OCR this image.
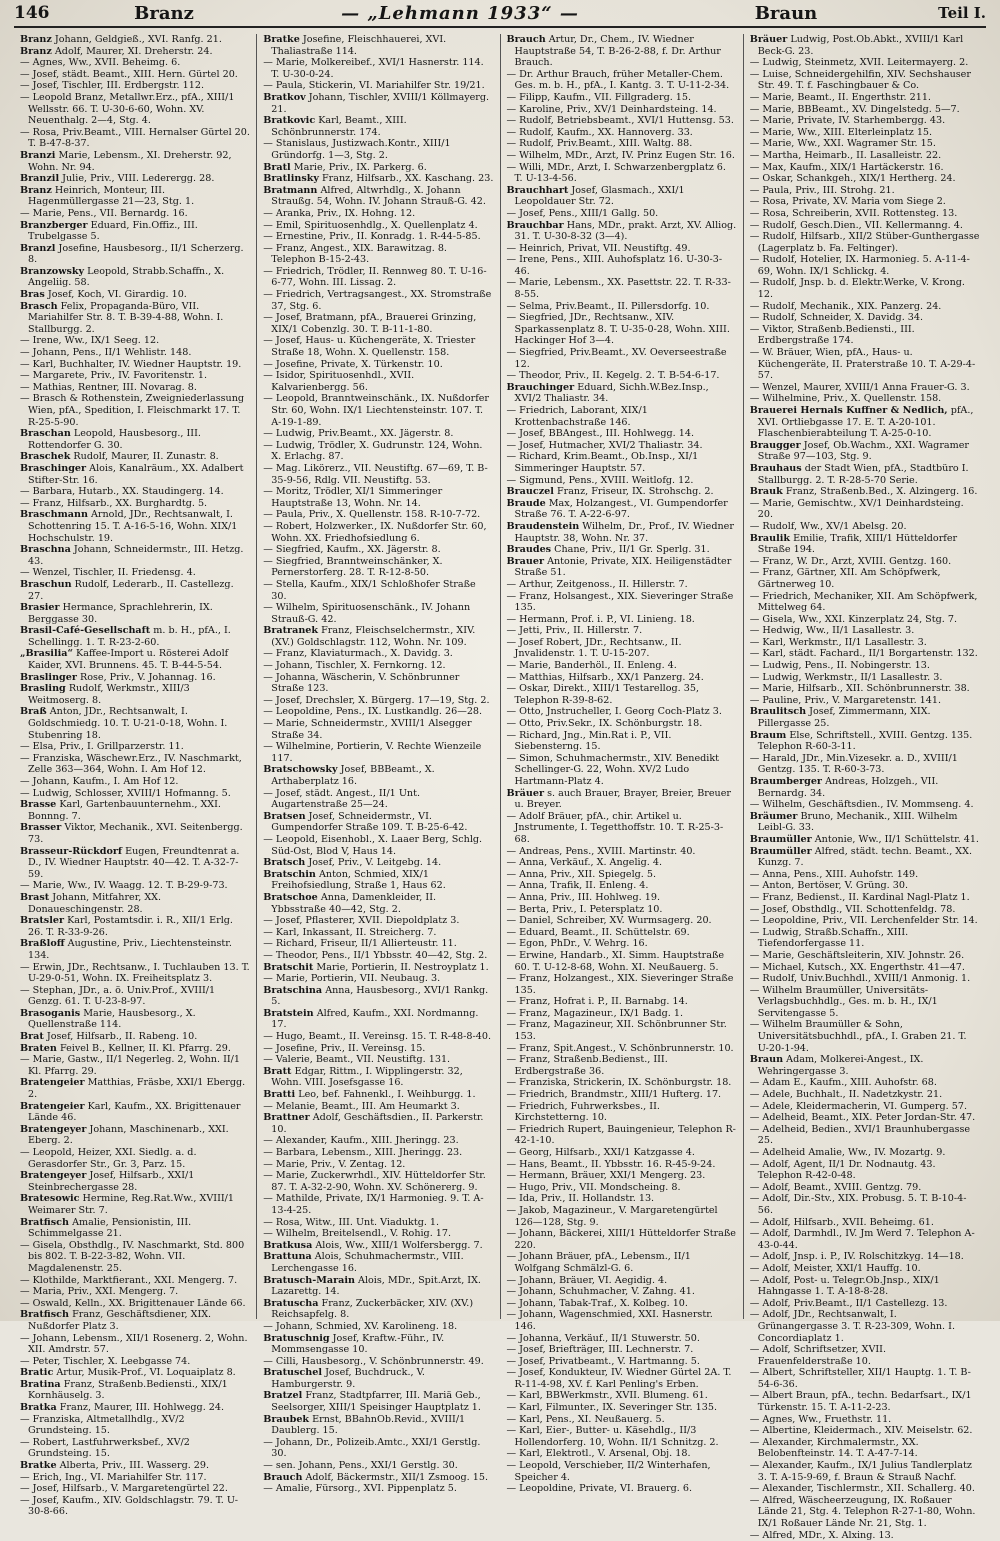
146	Branz	— „Lehmann 1933“ —	Braun	Teil I.

Branz Johann, Geldgieß., XVI. Ranfg. 21.

Branz Adolf, Maurer, XI. Dreherstr. 24.

— Agnes, Ww., XVII. Beheimg. 6.

— Josef, städt. Beamt., XIII. Hern. Gürtel 20.

— Josef, Tischler, III. Erdbergstr. 112.

— Leopold Branz, Metallwr.Erz., pfA., XIII/1 Wellsstr. 66. T. U-30-6-60, Wohn. XV. Neuenthalg. 2—4, Stg. 4.

— Rosa, Priv.Beamt., VIII. Hernalser Gürtel 20. T. B-47-8-37.

Branzi Marie, Lebensm., XI. Dreherstr. 92, Wohn. Nr. 94.

Branzil Julie, Priv., VIII. Lederergg. 28.

Branz Heinrich, Monteur, III. Hagenmüllergasse 21—23, Stg. 1.

— Marie, Pens., VII. Bernardg. 16.

Branzberger Eduard, Fin.Offiz., III. Trubelgasse 5.

Branzl Josefine, Hausbesorg., II/1 Scherzerg. 8.

Branzowsky Leopold, Strabb.Schaffn., X. Angeliig. 58.

Bras Josef, Koch, VI. Girardig. 10.

Brasch Felix, Propaganda-Büro, VII. Mariahilfer Str. 8. T. B-39-4-88, Wohn. I. Stallburgg. 2.

— Irene, Ww., IX/1 Seeg. 12.

— Johann, Pens., II/1 Wehlistr. 148.

— Karl, Buchhalter, IV. Wiedner Hauptstr. 19.

— Margarete, Priv., IV. Favoritenstr. 1.

— Mathias, Rentner, III. Novarag. 8.

— Brasch & Rothenstein, Zweigniederlassung Wien, pfA., Spedition, I. Fleischmarkt 17. T. R-25-5-90.

Braschan Leopold, Hausbesorg., III. Rottendorfer G. 30.

Braschek Rudolf, Maurer, II. Zunastr. 8.

Braschinger Alois, Kanalräum., XX. Adalbert Stifter-Str. 16.

— Barbara, Hutarb., XX. Staudingerg. 14.

— Franz, Hilfsarb., XX. Burghardtg. 5.

Braschmann Arnold, JDr., Rechtsanwalt, I. Schottenring 15. T. A-16-5-16, Wohn. XIX/1 Hochschulstr. 19.

Braschna Johann, Schneidermstr., III. Hetzg. 43.

— Wenzel, Tischler, II. Friedensg. 4.

Braschun Rudolf, Lederarb., II. Castellezg. 27.

Brasier Hermance, Sprachlehrerin, IX. Berggasse 30.

Brasil-Café-Gesellschaft m. b. H., pfA., I. Schellingg. 1. T. R-23-2-60.

„Brasilia“ Kaffee-Import u. Rösterei Adolf Kaider, XVI. Brunnens. 45. T. B-44-5-54.

Braslinger Rose, Priv., V. Johannag. 16.

Brasling Rudolf, Werkmstr., XIII/3 Weitmoserg. 8.

Braß Anton, JDr., Rechtsanwalt, I. Goldschmiedg. 10. T. U-21-0-18, Wohn. I. Stubenring 18.

— Elsa, Priv., I. Grillparzerstr. 11.

— Franziska, Wäschewr.Erz., IV. Naschmarkt, Zelle 363—364, Wohn. I. Am Hof 12.

— Johann, Kaufm., I. Am Hof 12.

— Ludwig, Schlosser, XVIII/1 Hofmanng. 5.

Brasse Karl, Gartenbauunternehm., XXI. Bonnng. 7.

Brasser Viktor, Mechanik., XVI. Seitenbergg. 73.

Brasseur-Rückdorf Eugen, Freundtenrat a. D., IV. Wiedner Hauptstr. 40—42. T. A-32-7-59.

— Marie, Ww., IV. Waagg. 12. T. B-29-9-73.

Brast Johann, Mitfahrer, XX. Donaueschingenstr. 28.

Bratsler Karl, Postamtsdir. i. R., XII/1 Erlg. 26. T. R-33-9-26.

Braßloff Augustine, Priv., Liechtensteinstr. 134.

— Erwin, JDr., Rechtsanw., I. Tuchlauben 13. T. U-29-0-51, Wohn. IX. Freiheitsplatz 3.

— Stephan, JDr., a. ö. Univ.Prof., XVIII/1 Genzg. 61. T. U-23-8-97.

Brasoganis Marie, Hausbesorg., X. Quellenstraße 114.

Brat Josef, Hilfsarb., II. Rabeng. 10.

Braten Feivel B., Kellner, II. Kl. Pfarrg. 29.

— Marie, Gastw., II/1 Negerleg. 2, Wohn. II/1 Kl. Pfarrg. 29.

Bratengeier Matthias, Fräsbe, XXI/1 Ebergg. 2.

Bratengeier Karl, Kaufm., XX. Brigittenauer Lände 46.

Bratengeyer Johann, Maschinenarb., XXI. Eberg. 2.

— Leopold, Heizer, XXI. Siedlg. a. d. Gerasdorfer Str., Gr. 3, Parz. 15.

Bratengeyer Josef, Hilfsarb., XXI/1 Steinbrechergasse 28.

Bratesowic Hermine, Reg.Rat.Ww., XVIII/1 Weimarer Str. 7.

Bratfisch Amalie, Pensionistin, III. Schimmelgasse 21.

— Gisela, Obsthdlg., IV. Naschmarkt, Std. 800 bis 802. T. B-22-3-82, Wohn. VII. Magdalenenstr. 25.

— Klothilde, Marktfierant., XXI. Mengerg. 7.

— Maria, Priv., XXI. Mengerg. 7.

— Oswald, Kelln., XX. Brigittenauer Lände 66.

Bratfisch Franz, Geschäftsdiener, XIX. Nußdorfer Platz 3.

— Johann, Lebensm., XII/1 Rosenerg. 2, Wohn. XII. Amdrstr. 57.

— Peter, Tischler, X. Leebgasse 74.

Bratic Artur, Musik-Prof., VI. Loquaiplatz 8.

Bratina Franz, Straßenb.Bediensti., XIX/1 Kornhäuselg. 3.

Bratka Franz, Maurer, III. Hohlwegg. 24.

— Franziska, Altmetallhdlg., XV/2 Grundsteing. 15.

— Robert, Lastfuhrwerksbef., XV/2 Grundsteing. 15.

Bratke Alberta, Priv., III. Wasserg. 29.

— Erich, Ing., VI. Mariahilfer Str. 117.

— Josef, Hilfsarb., V. Margaretengürtel 22.

— Josef, Kaufm., XIV. Goldschlagstr. 79. T. U-30-8-66.

Bratke Josefine, Fleischhauerei, XVI. Thaliastraße 114.

— Marie, Molkereibef., XVI/1 Hasnerstr. 114. T. U-30-0-24.

— Paula, Stickerin, VI. Mariahilfer Str. 19/21.

Bratkov Johann, Tischler, XVIII/1 Köllmayerg. 21.

Bratkovic Karl, Beamt., XIII. Schönbrunnerstr. 174.

— Stanislaus, Justizwach.Kontr., XIII/1 Gründorfg. 1—3, Stg. 2.

Bratl Marie, Priv., IX. Parkerg. 6.

Bratlinsky Franz, Hilfsarb., XX. Kaschang. 23.

Bratmann Alfred, Altwrhdlg., X. Johann Straußg. 54, Wohn. IV. Johann Strauß-G. 42.

— Aranka, Priv., IX. Hohng. 12.

— Emil, Spirituosenhdlg., X. Quellenplatz 4.

— Ernestine, Priv., II. Konradg. 1. R-44-5-85.

— Franz, Angest., XIX. Barawitzag. 8. Telephon B-15-2-43.

— Friedrich, Trödler, II. Rennweg 80. T. U-16-6-77, Wohn. III. Lissag. 2.

— Friedrich, Vertragsangest., XX. Stromstraße 37, Stg. 6.

— Josef, Bratmann, pfA., Brauerei Grinzing, XIX/1 Cobenzlg. 30. T. B-11-1-80.

— Josef, Haus- u. Küchengeräte, X. Triester Straße 18, Wohn. X. Quellenstr. 158.

— Josefine, Private, X. Türkenstr. 10.

— Isidor, Spirituosenhdl., XVII. Kalvarienbergg. 56.

— Leopold, Branntweinschänk., IX. Nußdorfer Str. 60, Wohn. IX/1 Liechtensteinstr. 107. T. A-19-1-89.

— Ludwig, Priv.Beamt., XX. Jägerstr. 8.

— Ludwig, Trödler, X. Gudrunstr. 124, Wohn. X. Erlachg. 87.

— Mag. Likörerz., VII. Neustiftg. 67—69, T. B-35-9-56, Rdlg. VII. Neustiftg. 53.

— Moritz, Trödler, XI/1 Simmeringer Hauptstraße 13, Wohn. Nr. 14.

— Paula, Priv., X. Quellenstr. 158. R-10-7-72.

— Robert, Holzwerker., IX. Nußdorfer Str. 60, Wohn. XX. Friedhofsiedlung 6.

— Siegfried, Kaufm., XX. Jägerstr. 8.

— Siegfried, Branntweinschänker, X. Pernerstorferg. 28. T. R-12-8-50.

— Stella, Kaufm., XIX/1 Schloßhofer Straße 30.

— Wilhelm, Spirituosenschänk., IV. Johann Strauß-G. 42.

Bratranek Franz, Fleischselchermstr., XIV. (XV.) Goldschlagstr. 112, Wohn. Nr. 109.

— Franz, Klaviaturmach., X. Davidg. 3.

— Johann, Tischler, X. Fernkorng. 12.

— Johanna, Wäscherin, V. Schönbrunner Straße 123.

— Josef, Drechsler, X. Bürgerg. 17—19, Stg. 2.

— Leopoldine, Pens., IX. Lustkandlg. 26—28.

— Marie, Schneidermstr., XVIII/1 Alsegger Straße 34.

— Wilhelmine, Portierin, V. Rechte Wienzeile 117.

Bratschowsky Josef, BBBeamt., X. Arthaberplatz 16.

— Josef, städt. Angest., II/1 Unt. Augartenstraße 25—24.

Bratsen Josef, Schneidermstr., VI. Gumpendorfer Straße 109. T. B-25-6-42.

— Leopold, Eisenhobl., X. Laaer Berg, Schlg. Süd-Ost, Blod V, Haus 14.

Bratsch Josef, Priv., V. Leitgebg. 14.

Bratschin Anton, Schmied, XIX/1 Freihofsiedlung, Straße 1, Haus 62.

Bratschoe Anna, Damenkleider, II. Ybbsstraße 40—42, Stg. 2.

— Josef, Pflasterer, XVII. Diepoldplatz 3.

— Karl, Inkassant, II. Streicherg. 7.

— Richard, Friseur, II/1 Allierteustr. 11.

— Theodor, Pens., II/1 Ybbsstr. 40—42, Stg. 2.

Bratschit Marie, Portierin, II. Nestroyplatz 1.

— Marie, Portierin, VII. Neubaug. 3.

Bratschina Anna, Hausbesorg., XVI/1 Rankg. 5.

Bratstein Alfred, Kaufm., XXI. Nordmanng. 17.

— Hugo, Beamt., II. Vereinsg. 15. T. R-48-8-40.

— Josefine, Priv., II. Vereinsg. 15.

— Valerie, Beamt., VII. Neustiftg. 131.

Bratt Edgar, Rittm., I. Wipplingerstr. 32, Wohn. VIII. Josefsgasse 16.

Bratti Leo, bef. Fahnenkl., I. Weihburgg. 1.

— Melanie, Beamt., III. Am Heumarkt 3.

Brattner Adolf, Geschäftsdien., II. Parkerstr. 10.

— Alexander, Kaufm., XIII. Jheringg. 23.

— Barbara, Lebensm., XIII. Jheringg. 23.

— Marie, Priv., V. Zentag. 12.

— Marie, Zuckerwrhdl., XIV. Hütteldorfer Str. 87. T. A-32-2-90, Wohn. XV. Schönererg. 9.

— Mathilde, Private, IX/1 Harmonieg. 9. T. A-13-4-25.

— Rosa, Witw., III. Unt. Viaduktg. 1.

— Wilhelm, Breitelsendl., V. Rohig. 17.

Bratkusa Alois, Ww., XIII/1 Wolfersbergg. 7.

Brattuna Alois, Schuhmachermstr., VIII. Lerchengasse 16.

Bratusch-Marain Alois, MDr., Spit.Arzt, IX. Lazarettg. 14.

Bratuscha Franz, Zuckerbäcker, XIV. (XV.) Reichsapfelg. 8.

— Johann, Schmied, XV. Karolineng. 18.

Bratuschnig Josef, Kraftw.-Führ., IV. Mommsengasse 10.

— Cilli, Hausbesorg., V. Schönbrunnerstr. 49.

Bratuschel Josef, Buchdruck., V. Hamburgerstr. 9.

Bratzel Franz, Stadtpfarrer, III. Mariä Geb., Seelsorger, XIII/1 Speisinger Hauptplatz 1.

Braubek Ernst, BBahnOb.Revid., XVIII/1 Daublerg. 15.

— Johann, Dr., Polizeib.Amtc., XXI/1 Gerstlg. 30.

— sen. Johann, Pens., XXI/1 Gerstlg. 30.

Brauch Adolf, Bäckermstr., XII/1 Zsmoog. 15.

— Amalie, Fürsorg., XVI. Pippenplatz 5.

Brauch Artur, Dr., Chem., IV. Wiedner Hauptstraße 54, T. B-26-2-88, f. Dr. Arthur Brauch.

— Dr. Arthur Brauch, früher Metaller-Chem. Ges. m. b. H., pfA., I. Kantg. 3. T. U-11-2-34.

— Filipp, Kaufm., VII. Fillgraderg. 15.

— Karoline, Priv., XV/1 Deinhardsteing. 14.

— Rudolf, Betriebsbeamt., XVI/1 Huttensg. 53.

— Rudolf, Kaufm., XX. Hannoverg. 33.

— Rudolf, Priv.Beamt., XIII. Waltg. 88.

— Wilhelm, MDr., Arzt, IV. Prinz Eugen Str. 16.

— Willi, MDr., Arzt, I. Schwarzenbergplatz 6. T. U-13-4-56.

Brauchhart Josef, Glasmach., XXI/1 Leopoldauer Str. 72.

— Josef, Pens., XIII/1 Gallg. 50.

Brauchbar Hans, MDr., prakt. Arzt, XV. Alliog. 31. T. U-30-8-32 (3—4).

— Heinrich, Privat, VII. Neustiftg. 49.

— Irene, Pens., XIII. Auhofsplatz 16. U-30-3-46.

— Marie, Lebensm., XX. Pasettstr. 22. T. R-33-8-55.

— Selma, Priv.Beamt., II. Pillersdorfg. 10.

— Siegfried, JDr., Rechtsanw., XIV. Sparkassenplatz 8. T. U-35-0-28, Wohn. XIII. Hackinger Hof 3—4.

— Siegfried, Priv.Beamt., XV. Oeverseestraße 12.

— Theodor, Priv., II. Kegelg. 2. T. B-54-6-17.

Brauchinger Eduard, Sichh.W.Bez.Insp., XVI/2 Thaliastr. 34.

— Friedrich, Laborant, XIX/1 Krottenbachstraße 146.

— Josef, BBAngest., III. Hohlwegg. 14.

— Josef, Hutmacher, XVI/2 Thaliastr. 34.

— Richard, Krim.Beamt., Ob.Insp., XI/1 Simmeringer Hauptstr. 57.

— Sigmund, Pens., XVIII. Weitlofg. 12.

Brauczel Franz, Friseur, IX. Strohschg. 2.

Braude Max, Holzangest., VI. Gumpendorfer Straße 76. T. A-22-6-97.

Braudenstein Wilhelm, Dr., Prof., IV. Wiedner Hauptstr. 38, Wohn. Nr. 37.

Braudes Chane, Priv., II/1 Gr. Sperlg. 31.

Brauer Antonie, Private, XIX. Heiligenstädter Straße 51.

— Arthur, Zeitgenoss., II. Hillerstr. 7.

— Franz, Holsangest., XIX. Sieveringer Straße 135.

— Hermann, Prof. i. P., VI. Linieng. 18.

— Jetti, Priv., II. Hillerstr. 7.

— Josef Robert, JDr., Rechtsanw., II. Jnvalidenstr. 1. T. U-15-207.

— Marie, Banderhöl., II. Enleng. 4.

— Matthias, Hilfsarb., XX/1 Panzerg. 24.

— Oskar, Direkt., XIII/1 Testarellog. 35, Telephon R-39-8-62.

— Otto, Jnstrucheller, I. Georg Coch-Platz 3.

— Otto, Priv.Sekr., IX. Schönburgstr. 18.

— Richard, Jng., Min.Rat i. P., VII. Siebensterng. 15.

— Simon, Schuhmachermstr., XIV. Benedikt Schellinger-G. 22, Wohn. XV/2 Ludo Hartmann-Platz 4.

Bräuer s. auch Brauer, Brayer, Breier, Breuer u. Breyer.

— Adolf Bräuer, pfA., chir. Artikel u. Jnstrumente, I. Tegetthoffstr. 10. T. R-25-3-68.

— Andreas, Pens., XVIII. Martinstr. 40.

— Anna, Verkäuf., X. Angelig. 4.

— Anna, Priv., XII. Spiegelg. 5.

— Anna, Trafik, II. Enleng. 4.

— Anna, Priv., III. Hohlweg. 19.

— Berta, Priv., I. Petersplatz 10.

— Daniel, Schreiber, XV. Wurmsagerg. 20.

— Eduard, Beamt., II. Schüttelstr. 69.

— Egon, PhDr., V. Wehrg. 16.

— Erwine, Handarb., XI. Simm. Hauptstraße 60. T. U-12-8-68, Wohn. XI. Neußauerg. 5.

— Franz, Holzangest., XIX. Sieveringer Straße 135.

— Franz, Hofrat i. P., II. Barnabg. 14.

— Franz, Magazineur., IX/1 Badg. 1.

— Franz, Magazineur, XII. Schönbrunner Str. 153.

— Franz, Spit.Angest., V. Schönbrunnerstr. 10.

— Franz, Straßenb.Bedienst., III. Erdbergstraße 36.

— Franziska, Strickerin, IX. Schönburgstr. 18.

— Friedrich, Brandmstr., XIII/1 Hufterg. 17.

— Friedrich, Fuhrwerksbes., II. Kirchstetterng. 10.

— Friedrich Rupert, Bauingenieur, Telephon R-42-1-10.

— Georg, Hilfsarb., XXI/1 Katzgasse 4.

— Hans, Beamt., II. Ybbsstr. 16. R-45-9-24.

— Hermann, Bräuer, XXI/1 Mengerg. 23.

— Hugo, Priv., VII. Mondscheing. 8.

— Ida, Priv., II. Hollandstr. 13.

— Jakob, Magazineur., V. Margaretengürtel 126—128, Stg. 9.

— Johann, Bäckerei, XIII/1 Hütteldorfer Straße 220.

— Johann Bräuer, pfA., Lebensm., II/1 Wolfgang Schmälzl-G. 6.

— Johann, Bräuer, VI. Aegidig. 4.

— Johann, Schuhmacher, V. Zahng. 41.

— Johann, Tabak-Traf., X. Kolbeg. 10.

— Johann, Wagenschmied, XXI. Hasnerstr. 146.

— Johanna, Verkäuf., II/1 Stuwerstr. 50.

— Josef, Briefträger, III. Lechnerstr. 7.

— Josef, Privatbeamt., V. Hartmanng. 5.

— Josef, Kondukteur, IV. Wiedner Gürtel 2A. T. R-11-4-98, XV. f. Karl Penling's Erben.

— Karl, BBWerkmstr., XVII. Blumeng. 61.

— Karl, Filmunter., IX. Severinger Str. 135.

— Karl, Pens., XI. Neußauerg. 5.

— Karl, Eier-, Butter- u. Käsehdlg., II/3 Hollendorferg. 10, Wohn. II/1 Schnitzg. 2.

— Karl, Elektrotl., V. Arsenal, Obj. 18.

— Leopold, Verschieber, II/2 Winterhafen, Speicher 4.

— Leopoldine, Private, VI. Brauerg. 6.

Bräuer Ludwig, Post.Ob.Abkt., XVIII/1 Karl Beck-G. 23.

— Ludwig, Steinmetz, XVII. Leitermayerg. 2.

— Luise, Schneidergehilfin, XIV. Sechshauser Str. 49. T. f. Faschingbauer & Co.

— Marie, Beamt., II. Engerthstr. 211.

— Marie, BBBeamt., XV. Dingelstedg. 5—7.

— Marie, Private, IV. Starhembergg. 43.

— Marie, Ww., XIII. Elterleinplatz 15.

— Marie, Ww., XXI. Wagramer Str. 15.

— Martha, Heimarb., II. Lasalleistr. 22.

— Max, Kaufm., XIX/1 Hartäckerstr. 16.

— Oskar, Schankgeh., XIX/1 Hertherg. 24.

— Paula, Priv., III. Strohg. 21.

— Rosa, Private, XV. Maria vom Siege 2.

— Rosa, Schreiberin, XVII. Rottensteg. 13.

— Rudolf, Gesch.Dien., VII. Kellermanng. 4.

— Rudolf, Hilfsarb., XII/2 Stüber-Gunthergasse (Lagerplatz b. Fa. Feltinger).

— Rudolf, Hotelier, IX. Harmonieg. 5. A-11-4-69, Wohn. IX/1 Schlickg. 4.

— Rudolf, Jnsp. b. d. Elektr.Werke, V. Krong. 12.

— Rudolf, Mechanik., XIX. Panzerg. 24.

— Rudolf, Schneider, X. Davidg. 34.

— Viktor, Straßenb.Bediensti., III. Erdbergstraße 174.

— W. Bräuer, Wien, pfA., Haus- u. Küchengeräte, II. Praterstraße 10. T. A-29-4-57.

— Wenzel, Maurer, XVIII/1 Anna Frauer-G. 3.

— Wilhelmine, Priv., X. Quellenstr. 158.

Brauerei Hernals Kuffner & Nedlich, pfA., XVI. Ortliebgasse 17. E. T. A-20-101. Flaschenbierabteilung T. A-25-0-10.

Braugger Josef, Ob.Wachm., XXI. Wagramer Straße 97—103, Stg. 9.

Brauhaus der Stadt Wien, pfA., Stadtbüro I. Stallburgg. 2. T. R-28-5-70 Serie.

Brauk Franz, Straßenb.Bed., X. Alzingerg. 16.

— Marie, Gemischtw., XV/1 Deinhardsteing. 20.

— Rudolf, Ww., XV/1 Abelsg. 20.

Braulik Emilie, Trafik, XIII/1 Hütteldorfer Straße 194.

— Franz, W. Dr., Arzt, XVIII. Gentzg. 160.

— Franz, Gärtner, XII. Am Schöpfwerk, Gärtnerweg 10.

— Friedrich, Mechaniker, XII. Am Schöpfwerk, Mittelweg 64.

— Gisela, Ww., XXI. Kinzerplatz 24, Stg. 7.

— Hedwig, Ww., II/1 Lasallestr. 3.

— Karl, Werkmstr., II/1 Lasallestr. 3.

— Karl, städt. Fachard., II/1 Borgartenstr. 132.

— Ludwig, Pens., II. Nobingerstr. 13.

— Ludwig, Werkmstr., II/1 Lasallestr. 3.

— Marie, Hilfsarb., XII. Schönbrunnerstr. 38.

— Pauline, Priv., V. Margaretenstr. 141.

Braulitsch Josef, Zimmermann, XIX. Pillergasse 25.

Braum Else, Schriftstell., XVIII. Gentzg. 135. Telephon R-60-3-11.

— Harald, JDr., Min.Vizesekr. a. D., XVIII/1 Gentzg. 135. T. R-60-3-73.

Braumberger Andreas, Holzgeh., VII. Bernardg. 34.

— Wilhelm, Geschäftsdien., IV. Mommseng. 4.

Bräumer Bruno, Mechanik., XIII. Wilhelm Leibl-G. 33.

Braumüller Antonie, Ww., II/1 Schüttelstr. 41.

Braumüller Alfred, städt. techn. Beamt., XX. Kunzg. 7.

— Anna, Pens., XIII. Auhofstr. 149.

— Anton, Bertöser, V. Grüng. 30.

— Franz, Bedienst., II. Kardinal Nagl-Platz 1.

— Josef, Obsthdlg., VII. Schottenfeldg. 78.

— Leopoldine, Priv., VII. Lerchenfelder Str. 14.

— Ludwig, Straßb.Schaffn., XIII. Tiefendorfergasse 11.

— Marie, Geschäftsleiterin, XIV. Johnstr. 26.

— Michael, Kutsch., XX. Engerthstr. 41—47.

— Rudolf, Univ.Buchhdl., XVIII/1 Anmonig. 1.

— Wilhelm Braumüller, Universitäts-Verlagsbuchhdlg., Ges. m. b. H., IX/1 Servitengasse 5.

— Wilhelm Braumüller & Sohn, Universitätsbuchhdl., pfA., I. Graben 21. T. U-20-1-94.

Braun Adam, Molkerei-Angest., IX. Wehringergasse 3.

— Adam E., Kaufm., XIII. Auhofstr. 68.

— Adele, Buchhalt., II. Nadetzkystr. 21.

— Adele, Kleidermacherin, VI. Gumperg. 57.

— Adelheid, Beamt., XIX. Peter Jordan-Str. 47.

— Adelheid, Bedien., XVI/1 Braunhubergasse 25.

— Adelheid Amalie, Ww., IV. Mozartg. 9.

— Adolf, Agent, II/1 Dr. Nodnautg. 43. Telephon R-42-0-48.

— Adolf, Beamt., XVIII. Gentzg. 79.

— Adolf, Dir.-Stv., XIX. Probusg. 5. T. B-10-4-56.

— Adolf, Hilfsarb., XVII. Beheimg. 61.

— Adolf, Darmhdl., IV. Jm Werd 7. Telephon A-43-0-44.

— Adolf, Jnsp. i. P., IV. Rolschitzkyg. 14—18.

— Adolf, Meister, XXI/1 Hauffg. 10.

— Adolf, Post- u. Telegr.Ob.Jnsp., XIX/1 Hahngasse 1. T. A-18-8-28.

— Adolf, Priv.Beamt., II/1 Castellezg. 13.

— Adolf, JDr., Rechtsanwalt, I. Grünangergasse 3. T. R-23-309, Wohn. I. Concordiaplatz 1.

— Adolf, Schriftsetzer, XVII. Frauenfelderstraße 10.

— Albert, Schriftsteller, XII/1 Hauptg. 1. T. B-54-6-36.

— Albert Braun, pfA., techn. Bedarfsart., IX/1 Türkenstr. 15. T. A-11-2-23.

— Agnes, Ww., Fruethstr. 11.

— Albertine, Kleidermach., XIV. Meiselstr. 62.

— Alexander, Kirchmalermstr., XX. Belobenfteinstr. 14. T. A-47-7-14.

— Alexander, Kaufm., IX/1 Julius Tandlerplatz 3. T. A-15-9-69, f. Braun & Strauß Nachf.

— Alexander, Tischlermstr., XII. Schallerg. 40.

— Alfred, Wäscheerzeugung, IX. Roßauer Lände 21, Stg. 4. Telephon R-27-1-80, Wohn. IX/1 Roßauer Lände Nr. 21, Stg. 1.

— Alfred, MDr., X. Alxing. 13.
